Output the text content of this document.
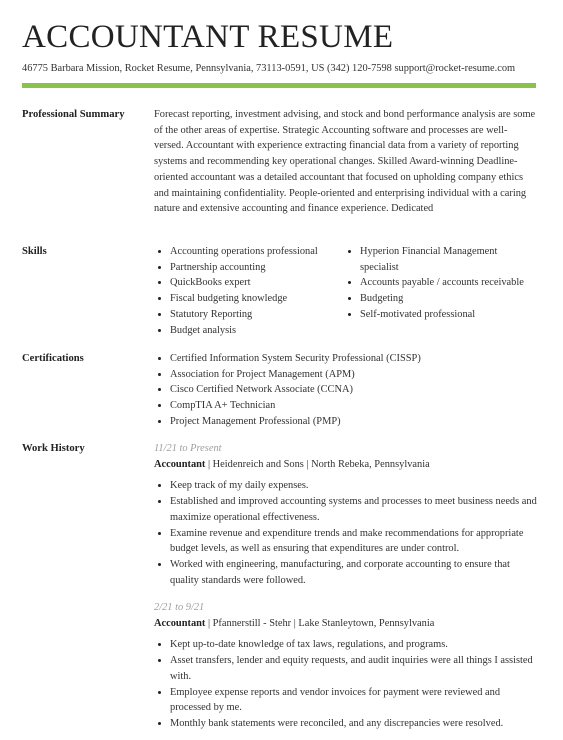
ACCOUNTANT RESUME
46775 Barbara Mission, Rocket Resume, Pennsylvania, 73113-0591, US (342) 120-7598 support@rocket-resume.com
Professional Summary	Forecast reporting, investment advising, and stock and bond performance analysis are some of the other areas of expertise. Strategic Accounting software and processes are well-versed. Accountant with experience extracting financial data from a variety of reporting systems and recommending key operational changes. Skilled Award-winning Deadline-oriented accountant was a detailed accountant that focused on upholding company ethics and maintaining confidentiality. People-oriented and enterprising individual with a caring nature and extensive accounting and finance experience. Dedicated
Skills	Accounting operations professional
Partnership accounting
QuickBooks expert
Fiscal budgeting knowledge
Statutory Reporting
Budget analysis
Hyperion Financial Management specialist
Accounts payable / accounts receivable
Budgeting
Self-motivated professional
Certifications	Certified Information System Security Professional (CISSP)
Association for Project Management (APM)
Cisco Certified Network Associate (CCNA)
CompTIA A+ Technician
Project Management Professional (PMP)
Work History	11/21 to Present
Accountant | Heidenreich and Sons | North Rebeka, Pennsylvania
Keep track of my daily expenses.
Established and improved accounting systems and processes to meet business needs and maximize operational effectiveness.
Examine revenue and expenditure trends and make recommendations for appropriate budget levels, as well as ensuring that expenditures are under control.
Worked with engineering, manufacturing, and corporate accounting to ensure that quality standards were followed.
2/21 to 9/21
Accountant | Pfannerstill - Stehr | Lake Stanleytown, Pennsylvania
Kept up-to-date knowledge of tax laws, regulations, and programs.
Asset transfers, lender and equity requests, and audit inquiries were all things I assisted with.
Employee expense reports and vendor invoices for payment were reviewed and processed by me.
Monthly bank statements were reconciled, and any discrepancies were resolved.
